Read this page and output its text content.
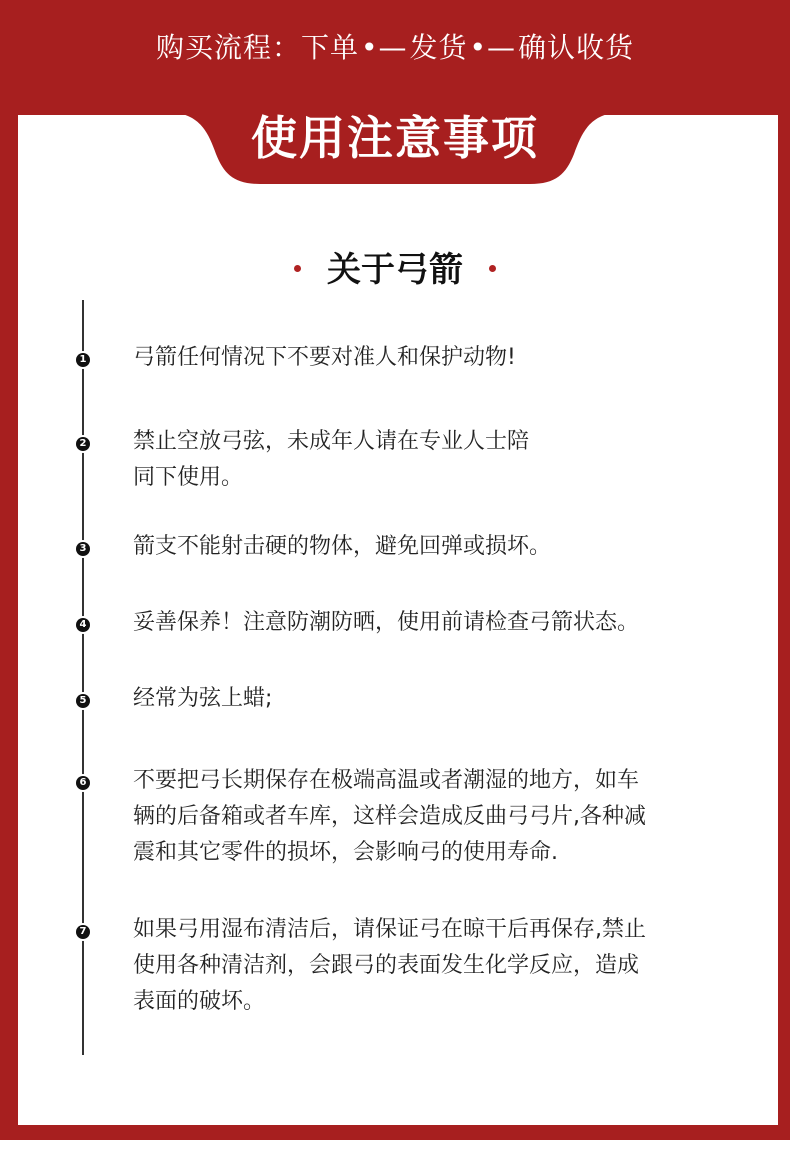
购买流程：下单•—发货•—确认收货
使用注意事项
关于弓箭
1 弓箭任何情况下不要对准人和保护动物!
2 禁止空放弓弦，未成年人请在专业人士陪
同下使用。
3 箭支不能射击硬的物体，避免回弹或损坏。
4 妥善保养！注意防潮防晒，使用前请检查弓箭状态。
5 经常为弦上蜡;
6 不要把弓长期保存在极端高温或者潮湿的地方，如车
辆的后备箱或者车库，这样会造成反曲弓弓片,各种减
震和其它零件的损坏，会影响弓的使用寿命.
7 如果弓用湿布清洁后，请保证弓在晾干后再保存,禁止
使用各种清洁剂，会跟弓的表面发生化学反应，造成
表面的破坏。
